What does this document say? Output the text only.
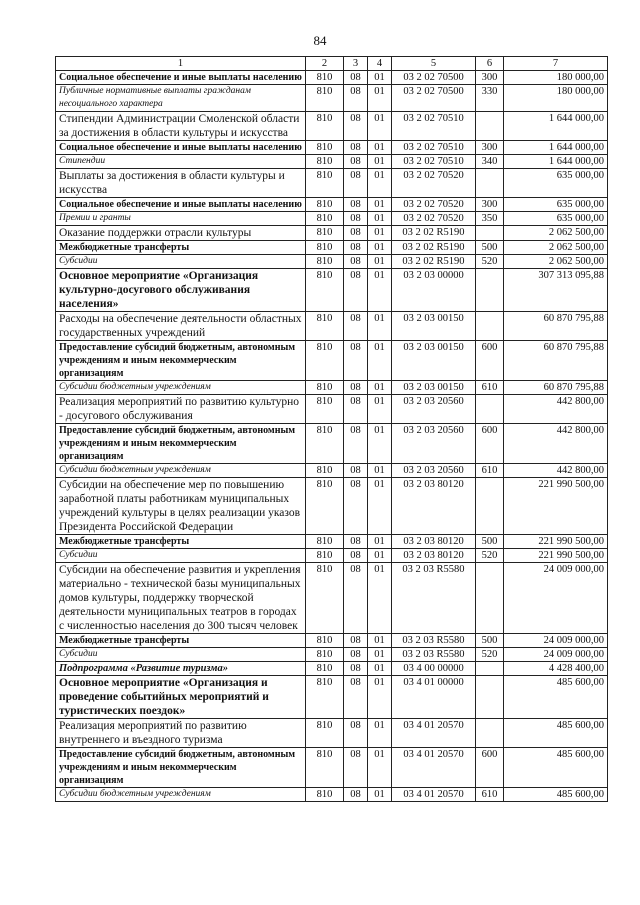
84
1	2	3	4	5	6	7
Социальное обеспечение и иные выплаты населению	810	08	01	03 2 02 70500	300	180 000,00
Публичные нормативные выплаты гражданам несоциального характера	810	08	01	03 2 02 70500	330	180 000,00
Стипендии Администрации Смоленской области за достижения в области культуры и искусства	810	08	01	03 2 02 70510		1 644 000,00
Социальное обеспечение и иные выплаты населению	810	08	01	03 2 02 70510	300	1 644 000,00
Стипендии	810	08	01	03 2 02 70510	340	1 644 000,00
Выплаты за достижения в области культуры и искусства	810	08	01	03 2 02 70520		635 000,00
Социальное обеспечение и иные выплаты населению	810	08	01	03 2 02 70520	300	635 000,00
Премии и гранты	810	08	01	03 2 02 70520	350	635 000,00
Оказание поддержки отрасли культуры	810	08	01	03 2 02 R5190		2 062 500,00
Межбюджетные трансферты	810	08	01	03 2 02 R5190	500	2 062 500,00
Субсидии	810	08	01	03 2 02 R5190	520	2 062 500,00
Основное мероприятие «Организация культурно-досугового обслуживания населения»	810	08	01	03 2 03 00000		307 313 095,88
Расходы на обеспечение деятельности областных государственных учреждений	810	08	01	03 2 03 00150		60 870 795,88
Предоставление субсидий бюджетным, автономным учреждениям и иным некоммерческим организациям	810	08	01	03 2 03 00150	600	60 870 795,88
Субсидии бюджетным учреждениям	810	08	01	03 2 03 00150	610	60 870 795,88
Реализация мероприятий по развитию культурно - досугового обслуживания	810	08	01	03 2 03 20560		442 800,00
Предоставление субсидий бюджетным, автономным учреждениям и иным некоммерческим организациям	810	08	01	03 2 03 20560	600	442 800,00
Субсидии бюджетным учреждениям	810	08	01	03 2 03 20560	610	442 800,00
Субсидии на обеспечение мер по повышению заработной платы работникам муниципальных учреждений культуры в целях реализации указов Президента Российской Федерации	810	08	01	03 2 03 80120		221 990 500,00
Межбюджетные трансферты	810	08	01	03 2 03 80120	500	221 990 500,00
Субсидии	810	08	01	03 2 03 80120	520	221 990 500,00
Субсидии на обеспечение развития и укрепления материально - технической базы муниципальных домов культуры, поддержку творческой деятельности муниципальных театров в городах с численностью населения до 300 тысяч человек	810	08	01	03 2 03 R5580		24 009 000,00
Межбюджетные трансферты	810	08	01	03 2 03 R5580	500	24 009 000,00
Субсидии	810	08	01	03 2 03 R5580	520	24 009 000,00
Подпрограмма «Развитие туризма»	810	08	01	03 4 00 00000		4 428 400,00
Основное мероприятие «Организация и проведение событийных мероприятий и туристических поездок»	810	08	01	03 4 01 00000		485 600,00
Реализация мероприятий по развитию внутреннего и въездного туризма	810	08	01	03 4 01 20570		485 600,00
Предоставление субсидий бюджетным, автономным учреждениям и иным некоммерческим организациям	810	08	01	03 4 01 20570	600	485 600,00
Субсидии бюджетным учреждениям	810	08	01	03 4 01 20570	610	485 600,00
